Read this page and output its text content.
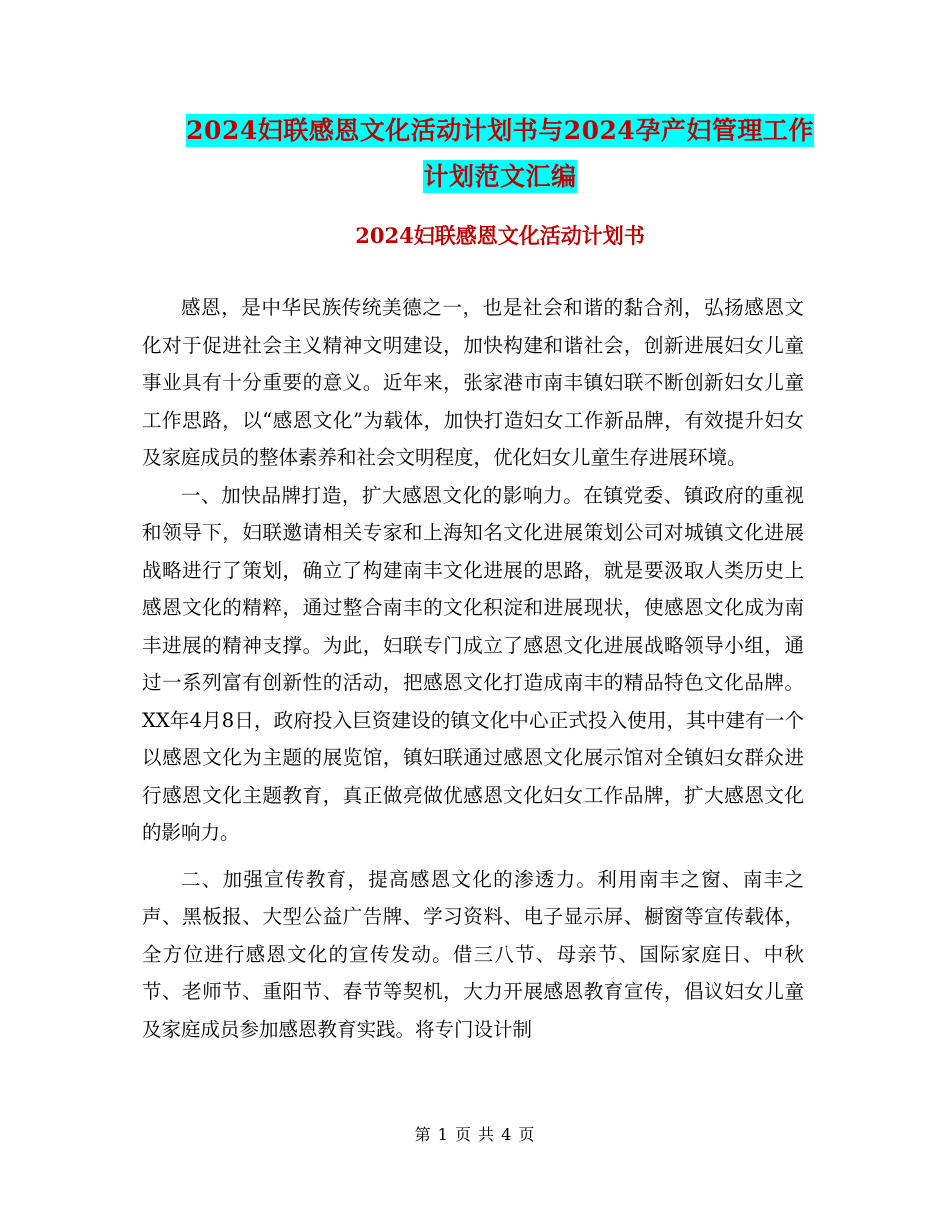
2024妇联感恩文化活动计划书与2024孕产妇管理工作
计划范文汇编
2024妇联感恩文化活动计划书

感恩，是中华民族传统美德之一，也是社会和谐的黏合剂，弘扬感恩文化对于促进社会主义精神文明建设，加快构建和谐社会，创新进展妇女儿童事业具有十分重要的意义。近年来，张家港市南丰镇妇联不断创新妇女儿童工作思路，以“感恩文化”为载体，加快打造妇女工作新品牌，有效提升妇女及家庭成员的整体素养和社会文明程度，优化妇女儿童生存进展环境。

一、加快品牌打造，扩大感恩文化的影响力。在镇党委、镇政府的重视和领导下，妇联邀请相关专家和上海知名文化进展策划公司对城镇文化进展战略进行了策划，确立了构建南丰文化进展的思路，就是要汲取人类历史上感恩文化的精粹，通过整合南丰的文化积淀和进展现状，使感恩文化成为南丰进展的精神支撑。为此，妇联专门成立了感恩文化进展战略领导小组，通过一系列富有创新性的活动，把感恩文化打造成南丰的精品特色文化品牌。XX年4月8日，政府投入巨资建设的镇文化中心正式投入使用，其中建有一个以感恩文化为主题的展览馆，镇妇联通过感恩文化展示馆对全镇妇女群众进行感恩文化主题教育，真正做亮做优感恩文化妇女工作品牌，扩大感恩文化的影响力。

二、加强宣传教育，提高感恩文化的渗透力。利用南丰之窗、南丰之声、黑板报、大型公益广告牌、学习资料、电子显示屏、橱窗等宣传载体，全方位进行感恩文化的宣传发动。借三八节、母亲节、国际家庭日、中秋节、老师节、重阳节、春节等契机，大力开展感恩教育宣传，倡议妇女儿童及家庭成员参加感恩教育实践。将专门设计制

第 1 页 共 4 页
